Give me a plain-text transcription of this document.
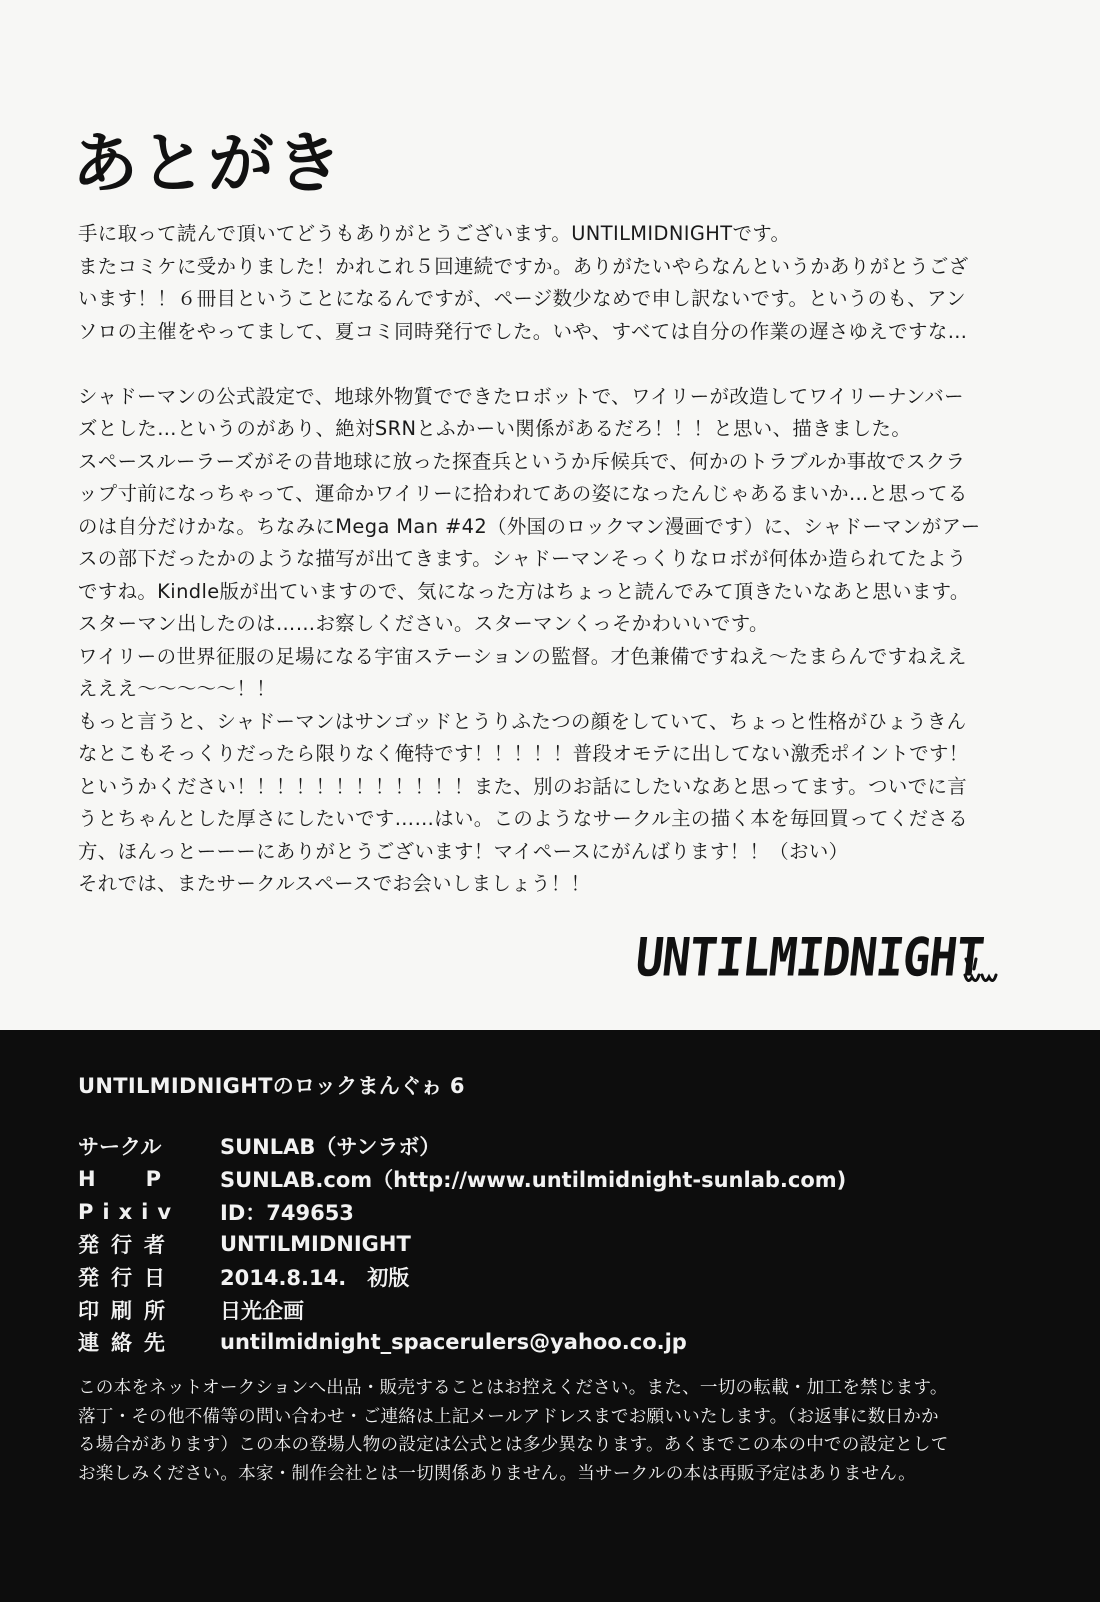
あとがき
手に取って読んで頂いてどうもありがとうございます。UNTILMIDNIGHTです。
またコミケに受かりました！かれこれ５回連続ですか。ありがたいやらなんというかありがとうござ
います！！６冊目ということになるんですが、ページ数少なめで申し訳ないです。というのも、アン
ソロの主催をやってまして、夏コミ同時発行でした。いや、すべては自分の作業の遅さゆえですな…
シャドーマンの公式設定で、地球外物質でできたロボットで、ワイリーが改造してワイリーナンバー
ズとした…というのがあり、絶対SRNとふかーい関係があるだろ！！！と思い、描きました。
スペースルーラーズがその昔地球に放った探査兵というか斥候兵で、何かのトラブルか事故でスクラ
ップ寸前になっちゃって、運命かワイリーに拾われてあの姿になったんじゃあるまいか…と思ってる
のは自分だけかな。ちなみにMega Man #42（外国のロックマン漫画です）に、シャドーマンがアー
スの部下だったかのような描写が出てきます。シャドーマンそっくりなロボが何体か造られてたよう
ですね。Kindle版が出ていますので、気になった方はちょっと読んでみて頂きたいなあと思います。
スターマン出したのは……お察しください。スターマンくっそかわいいです。
ワイリーの世界征服の足場になる宇宙ステーションの監督。才色兼備ですねえ～たまらんですねええ
えええ～～～～～！！
もっと言うと、シャドーマンはサンゴッドとうりふたつの顔をしていて、ちょっと性格がひょうきん
なとこもそっくりだったら限りなく俺特です！！！！！普段オモテに出してない激禿ポイントです！
というかください！！！！！！！！！！！！また、別のお話にしたいなあと思ってます。ついでに言
うとちゃんとした厚さにしたいです……はい。このようなサークル主の描く本を毎回買ってくださる
方、ほんっとーーーにありがとうございます！マイペースにがんばります！！（おい）
それでは、またサークルスペースでお会いしましょう！！
UNTILMIDNIGHT
UNTILMIDNIGHTのロックまんぐゎ 6
サークル	SUNLAB（サンラボ）
HP SUNLAB.com（http://www.untilmidnight-sunlab.com)
Pixiv ID：749653
発行者 UNTILMIDNIGHT
発行日 2014.8.14.　初版
印刷所 日光企画
連絡先 untilmidnight_spacerulers@yahoo.co.jp
この本をネットオークションへ出品・販売することはお控えください。また、一切の転載・加工を禁じます。
落丁・その他不備等の問い合わせ・ご連絡は上記メールアドレスまでお願いいたします。（お返事に数日かか
る場合があります）この本の登場人物の設定は公式とは多少異なります。あくまでこの本の中での設定として
お楽しみください。本家・制作会社とは一切関係ありません。当サークルの本は再販予定はありません。
